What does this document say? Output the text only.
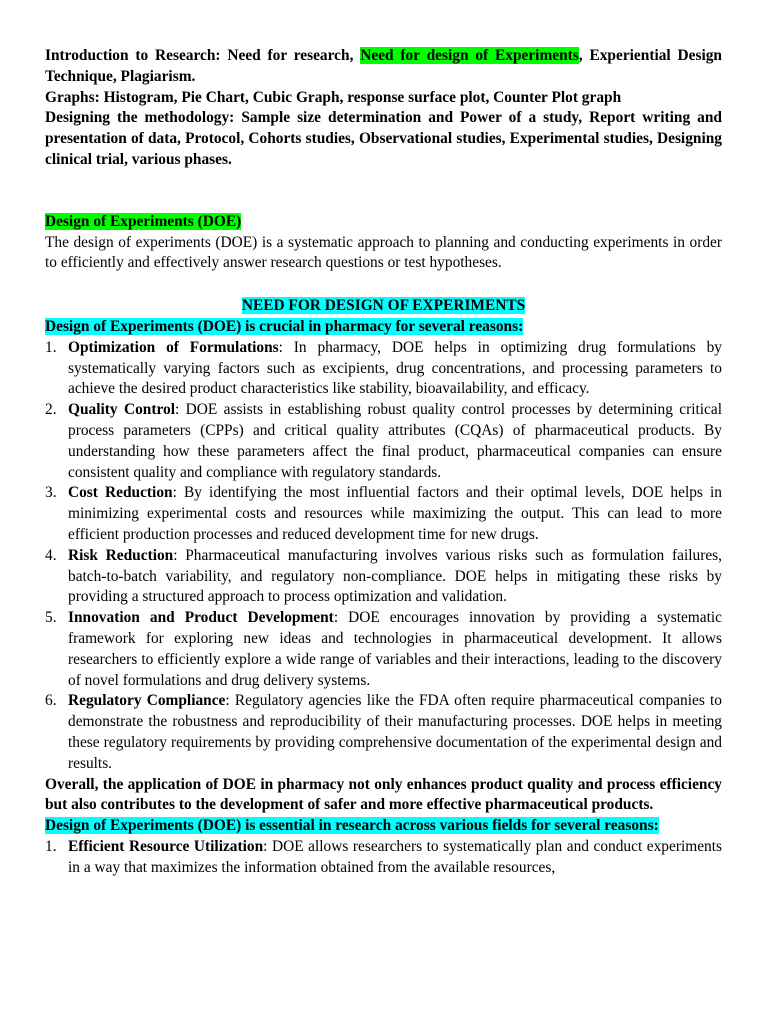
Introduction to Research: Need for research, Need for design of Experiments, Experiential Design Technique, Plagiarism.

Graphs: Histogram, Pie Chart, Cubic Graph, response surface plot, Counter Plot graph

Designing the methodology: Sample size determination and Power of a study, Report writing and presentation of data, Protocol, Cohorts studies, Observational studies, Experimental studies, Designing clinical trial, various phases.

Design of Experiments (DOE)

The design of experiments (DOE) is a systematic approach to planning and conducting experiments in order to efficiently and effectively answer research questions or test hypotheses.

NEED FOR DESIGN OF EXPERIMENTS

Design of Experiments (DOE) is crucial in pharmacy for several reasons:

1. Optimization of Formulations: In pharmacy, DOE helps in optimizing drug formulations by systematically varying factors such as excipients, drug concentrations, and processing parameters to achieve the desired product characteristics like stability, bioavailability, and efficacy.
2. Quality Control: DOE assists in establishing robust quality control processes by determining critical process parameters (CPPs) and critical quality attributes (CQAs) of pharmaceutical products. By understanding how these parameters affect the final product, pharmaceutical companies can ensure consistent quality and compliance with regulatory standards.
3. Cost Reduction: By identifying the most influential factors and their optimal levels, DOE helps in minimizing experimental costs and resources while maximizing the output. This can lead to more efficient production processes and reduced development time for new drugs.
4. Risk Reduction: Pharmaceutical manufacturing involves various risks such as formulation failures, batch-to-batch variability, and regulatory non-compliance. DOE helps in mitigating these risks by providing a structured approach to process optimization and validation.
5. Innovation and Product Development: DOE encourages innovation by providing a systematic framework for exploring new ideas and technologies in pharmaceutical development. It allows researchers to efficiently explore a wide range of variables and their interactions, leading to the discovery of novel formulations and drug delivery systems.
6. Regulatory Compliance: Regulatory agencies like the FDA often require pharmaceutical companies to demonstrate the robustness and reproducibility of their manufacturing processes. DOE helps in meeting these regulatory requirements by providing comprehensive documentation of the experimental design and results.

Overall, the application of DOE in pharmacy not only enhances product quality and process efficiency but also contributes to the development of safer and more effective pharmaceutical products.

Design of Experiments (DOE) is essential in research across various fields for several reasons:

1. Efficient Resource Utilization: DOE allows researchers to systematically plan and conduct experiments in a way that maximizes the information obtained from the available resources,
